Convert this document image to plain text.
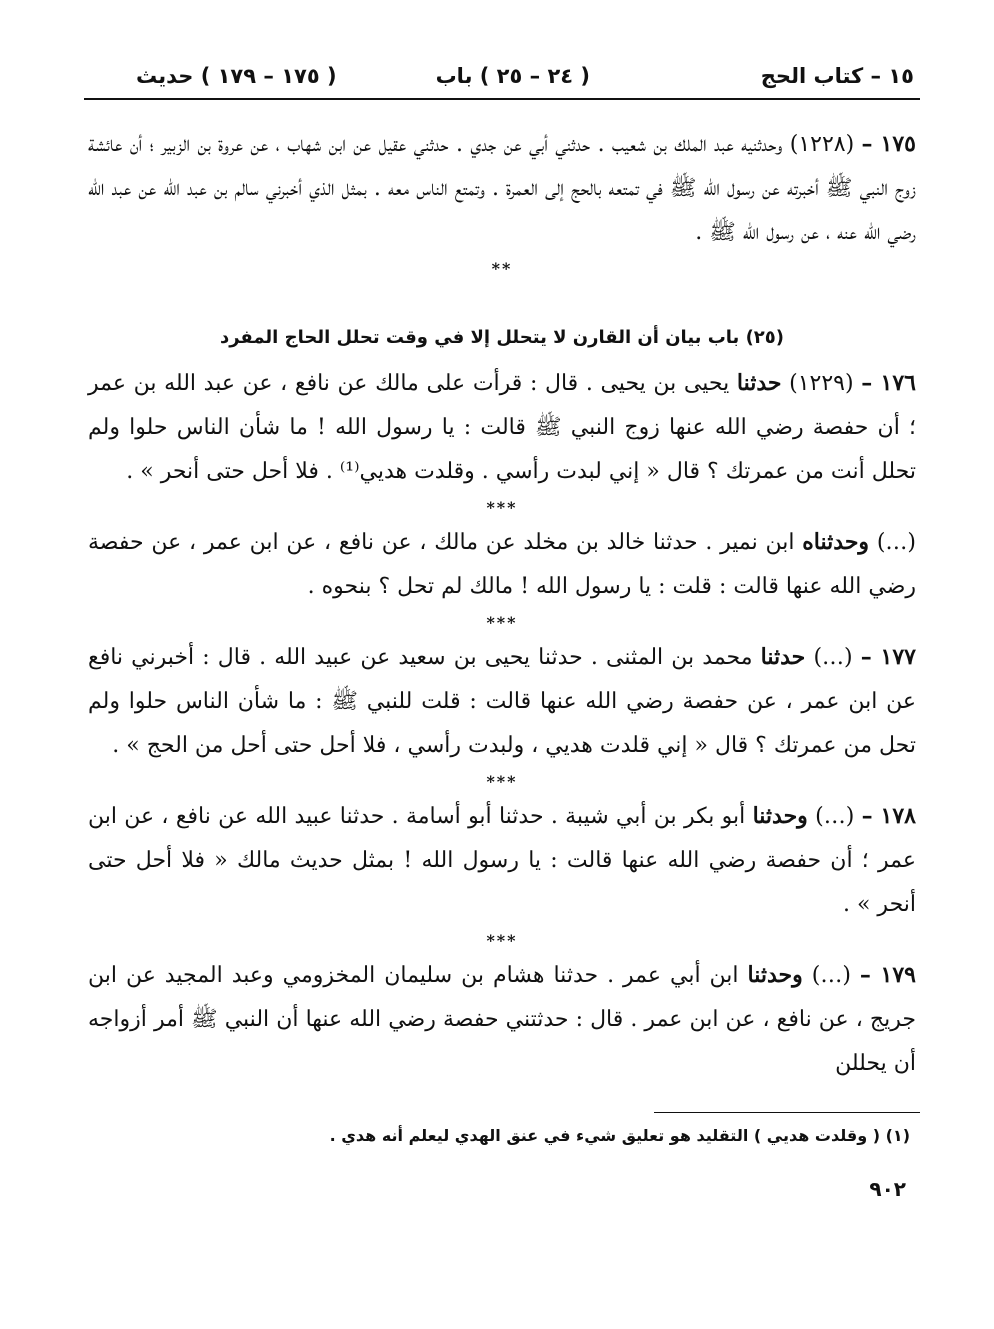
١٥ – كتاب الحج
( ٢٤ – ٢٥ ) باب
( ١٧٥ – ١٧٩ ) حديث

١٧٥ – (١٢٢٨) وحدثنيه عبد الملك بن شعيب . حدثني أبي عن جدي . حدثني عقيل عن ابن شهاب ، عن عروة بن الزبير ؛ أن عائشة زوج النبي ﷺ أخبرته عن رسول الله ﷺ في تمتعه بالحج إلى العمرة . وتمتع الناس معه . بمثل الذي أخبرني سالم بن عبد الله عن عبد الله رضي الله عنه ، عن رسول الله ﷺ .

**
(٢٥) باب بيان أن القارن لا يتحلل إلا في وقت تحلل الحاج المفرد

١٧٦ – (١٢٢٩) حدثنا يحيى بن يحيى . قال : قرأت على مالك عن نافع ، عن عبد الله بن عمر ؛ أن حفصة رضي الله عنها زوج النبي ﷺ قالت : يا رسول الله ! ما شأن الناس حلوا ولم تحلل أنت من عمرتك ؟ قال « إني لبدت رأسي . وقلدت هديي⁽¹⁾ . فلا أحل حتى أنحر » .

***

(…) وحدثناه ابن نمير . حدثنا خالد بن مخلد عن مالك ، عن نافع ، عن ابن عمر ، عن حفصة رضي الله عنها قالت : قلت : يا رسول الله ! مالك لم تحل ؟ بنحوه .

***

١٧٧ – (…) حدثنا محمد بن المثنى . حدثنا يحيى بن سعيد عن عبيد الله . قال : أخبرني نافع عن ابن عمر ، عن حفصة رضي الله عنها قالت : قلت للنبي ﷺ : ما شأن الناس حلوا ولم تحل من عمرتك ؟ قال « إني قلدت هديي ، ولبدت رأسي ، فلا أحل حتى أحل من الحج » .

***

١٧٨ – (…) وحدثنا أبو بكر بن أبي شيبة . حدثنا أبو أسامة . حدثنا عبيد الله عن نافع ، عن ابن عمر ؛ أن حفصة رضي الله عنها قالت : يا رسول الله ! بمثل حديث مالك « فلا أحل حتى أنحر » .

***

١٧٩ – (…) وحدثنا ابن أبي عمر . حدثنا هشام بن سليمان المخزومي وعبد المجيد عن ابن جريج ، عن نافع ، عن ابن عمر . قال : حدثتني حفصة رضي الله عنها أن النبي ﷺ أمر أزواجه أن يحللن

(١) ( وقلدت هديي ) التقليد هو تعليق شيء في عنق الهدي ليعلم أنه هدي .
٩٠٢
